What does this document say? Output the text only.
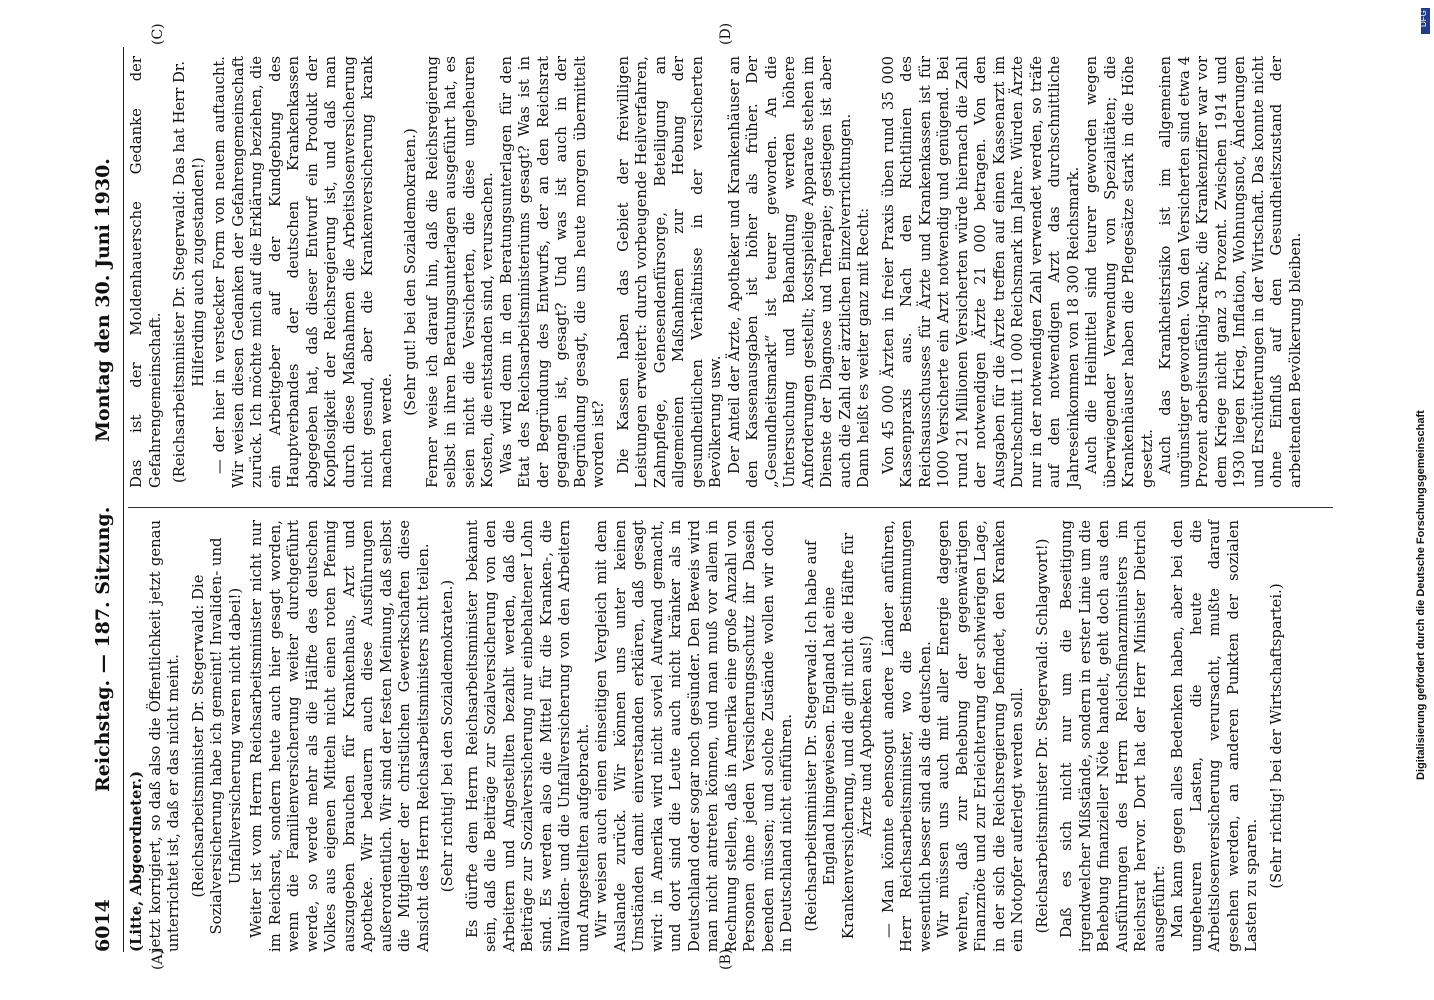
6014
Reichstag. — 187. Sitzung.
Montag den 30. Juni 1930.
(A)	(B)
(C)	(D)

(Litte, Abgeordneter.) jetzt korrigiert, so daß also die Öffentlichkeit jetzt genau unterrichtet ist, daß er das nicht meint. (Reichsarbeitsminister Dr. Stegerwald: Die Sozialversicherung habe ich gemeint! Invaliden- und Unfallversicherung waren nicht dabei!) Weiter ist vom Herrn Reichsarbeitsminister nicht nur im Reichsrat, sondern heute auch hier gesagt worden, wenn die Familienversicherung weiter durchgeführt werde, so werde mehr als die Hälfte des deutschen Volkes aus eigenen Mitteln nicht einen roten Pfennig auszugeben brauchen für Krankenhaus, Arzt und Apotheke. Wir bedauern auch diese Ausführungen außerordentlich. Wir sind der festen Meinung, daß selbst die Mitglieder der christlichen Gewerkschaften diese Ansicht des Herrn Reichsarbeitsministers nicht teilen. (Sehr richtig! bei den Sozialdemokraten.) Es dürfte dem Herrn Reichsarbeitsminister bekannt sein, daß die Beiträge zur Sozialversicherung von den Arbeitern und Angestellten bezahlt werden, daß die Beiträge zur Sozialversicherung nur einbehaltener Lohn sind. Es werden also die Mittel für die Kranken-, die Invaliden- und die Unfallversicherung von den Arbeitern und Angestellten aufgebracht. Wir weisen auch einen einseitigen Vergleich mit dem Auslande zurück. Wir können uns unter keinen Umständen damit einverstanden erklären, daß gesagt wird: in Amerika wird nicht soviel Aufwand gemacht, und dort sind die Leute auch nicht kränker als in Deutschland oder sogar noch gesünder. Den Beweis wird man nicht antreten können, und man muß vor allem in Rechnung stellen, daß in Amerika eine große Anzahl von Personen ohne jeden Versicherungsschutz ihr Dasein beenden müssen; und solche Zustände wollen wir doch in Deutschland nicht einführen. (Reichsarbeitsminister Dr. Stegerwald: Ich habe auf England hingewiesen. England hat eine Krankenversicherung, und die gilt nicht die Hälfte für Ärzte und Apotheken aus!) — Man könnte ebensogut andere Länder anführen, Herr Reichsarbeitsminister, wo die Bestimmungen wesentlich besser sind als die deutschen. Wir müssen uns auch mit aller Energie dagegen wehren, daß zur Behebung der gegenwärtigen Finanznöte und zur Erleichterung der schwierigen Lage, in der sich die Reichsregierung befindet, den Kranken ein Notopfer auferlegt werden soll. (Reichsarbeitsminister Dr. Stegerwald: Schlagwort!) Daß es sich nicht nur um die Beseitigung irgendwelcher Mißstände, sondern in erster Linie um die Behebung finanzieller Nöte handelt, geht doch aus den Ausführungen des Herrn Reichsfinanzministers im Reichsrat hervor. Dort hat der Herr Minister Dietrich ausgeführt: Man kann gegen alles Bedenken haben, aber bei den ungeheuren Lasten, die heute die Arbeitslosenversicherung verursacht, mußte darauf gesehen werden, an anderen Punkten der sozialen Lasten zu sparen. (Sehr richtig! bei der Wirtschaftspartei.)

Das ist der Moldenhauersche Gedanke der Gefahrengemeinschaft. (Reichsarbeitsminister Dr. Stegerwald: Das hat Herr Dr. Hilferding auch zugestanden!) — der hier in versteckter Form von neuem auftaucht. Wir weisen diesen Gedanken der Gefahrengemeinschaft zurück. Ich möchte mich auf die Erklärung beziehen, die ein Arbeitgeber auf der Kundgebung des Hauptverbandes der deutschen Krankenkassen abgegeben hat, daß dieser Entwurf ein Produkt der Kopflosigkeit der Reichsregierung ist, und daß man durch diese Maßnahmen die Arbeitslosenversicherung nicht gesund, aber die Krankenversicherung krank machen werde.

(Sehr gut! bei den Sozialdemokraten.) Ferner weise ich darauf hin, daß die Reichsregierung selbst in ihren Beratungsunterlagen ausgeführt hat, es seien nicht die Versicherten, die diese ungeheuren Kosten, die entstanden sind, verursachen. Was wird denn in den Beratungsunterlagen für den Etat des Reichsarbeitsministeriums gesagt? Was ist in der Begründung des Entwurfs, der an den Reichsrat gegangen ist, gesagt? Und was ist auch in der Begründung gesagt, die uns heute morgen übermittelt worden ist? Die Kassen haben das Gebiet der freiwilligen Leistungen erweitert: durch vorbeugende Heilverfahren, Zahnpflege, Genesendenfürsorge, Beteiligung an allgemeinen Maßnahmen zur Hebung der gesundheitlichen Verhältnisse in der versicherten Bevölkerung usw. Der Anteil der Ärzte, Apotheker und Krankenhäuser an den Kassenausgaben ist höher als früher. Der „Gesundheitsmarkt“ ist teurer geworden. An die Untersuchung und Behandlung werden höhere Anforderungen gestellt; kostspielige Apparate stehen im Dienste der Diagnose und Therapie; gestiegen ist aber auch die Zahl der ärztlichen Einzelverrichtungen. Dann heißt es weiter ganz mit Recht: Von 45 000 Ärzten in freier Praxis üben rund 35 000 Kassenpraxis aus. Nach den Richtlinien des Reichsausschusses für Ärzte und Krankenkassen ist für 1000 Versicherte ein Arzt notwendig und genügend. Bei rund 21 Millionen Versicherten würde hiernach die Zahl der notwendigen Ärzte 21 000 betragen. Von den Ausgaben für die Ärzte treffen auf einen Kassenarzt im Durchschnitt 11 000 Reichsmark im Jahre. Würden Ärzte nur in der notwendigen Zahl verwendet werden, so träfe auf den notwendigen Arzt das durchschnittliche Jahreseinkommen von 18 300 Reichsmark. Auch die Heilmittel sind teurer geworden wegen überwiegender Verwendung von Spezialitäten; die Krankenhäuser haben die Pflegesätze stark in die Höhe gesetzt. Auch das Krankheitsrisiko ist im allgemeinen ungünstiger geworden. Von den Versicherten sind etwa 4 Prozent arbeitsunfähig-krank; die Krankenziffer war vor dem Kriege nicht ganz 3 Prozent. Zwischen 1914 und 1930 liegen Krieg, Inflation, Wohnungsnot, Änderungen und Erschütterungen in der Wirtschaft. Das konnte nicht ohne Einfluß auf den Gesundheitszustand der arbeitenden Bevölkerung bleiben.

Digitalisierung gefördert durch die Deutsche Forschungsgemeinschaft
DFG
